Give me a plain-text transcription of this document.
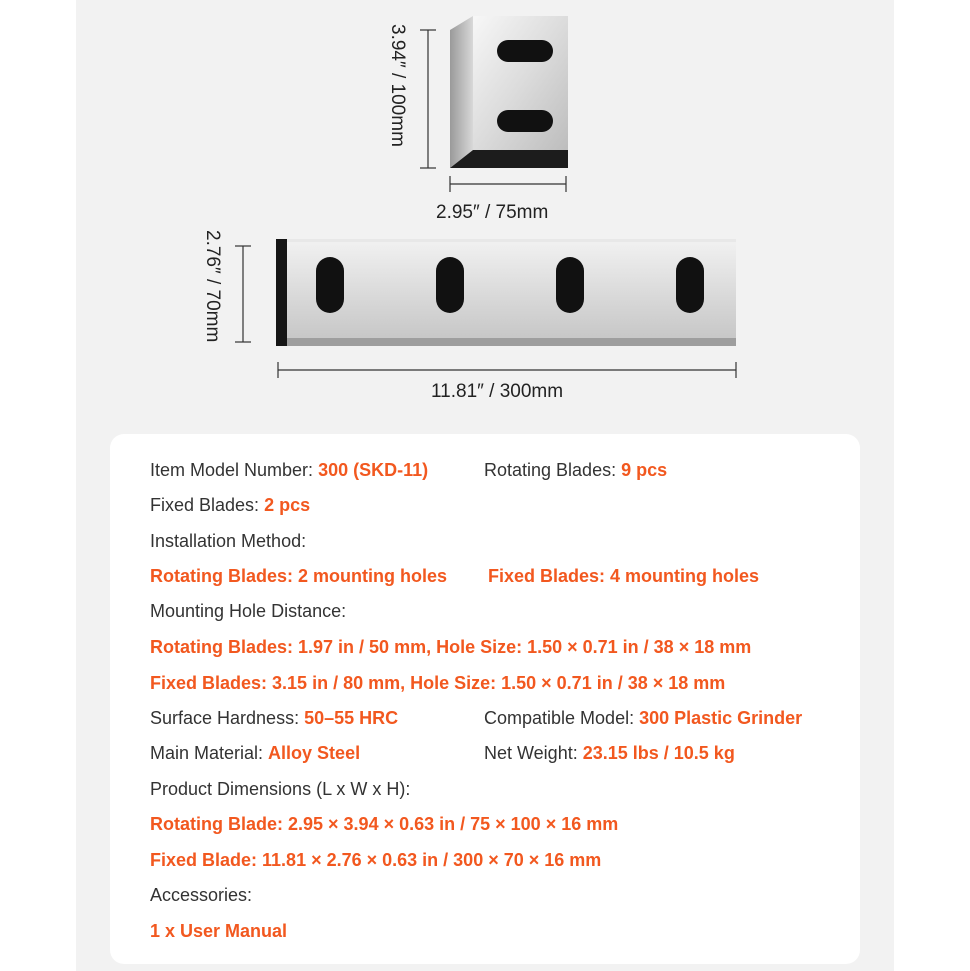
3.94″ / 100mm
2.95″ / 75mm
2.76″ / 70mm
11.81″ / 300mm
Item Model Number: 300 (SKD-11)	Rotating Blades: 9 pcs
Fixed Blades: 2 pcs
Installation Method:
Rotating Blades: 2 mounting holes Fixed Blades: 4 mounting holes
Mounting Hole Distance:
Rotating Blades: 1.97 in / 50 mm, Hole Size: 1.50 × 0.71 in / 38 × 18 mm
Fixed Blades: 3.15 in / 80 mm, Hole Size: 1.50 × 0.71 in / 38 × 18 mm
Surface Hardness: 50–55 HRC	Compatible Model: 300 Plastic Grinder
Main Material: Alloy Steel	Net Weight: 23.15 lbs / 10.5 kg
Product Dimensions (L x W x H):
Rotating Blade: 2.95 × 3.94 × 0.63 in / 75 × 100 × 16 mm
Fixed Blade: 11.81 × 2.76 × 0.63 in / 300 × 70 × 16 mm
Accessories:
1 x User Manual
